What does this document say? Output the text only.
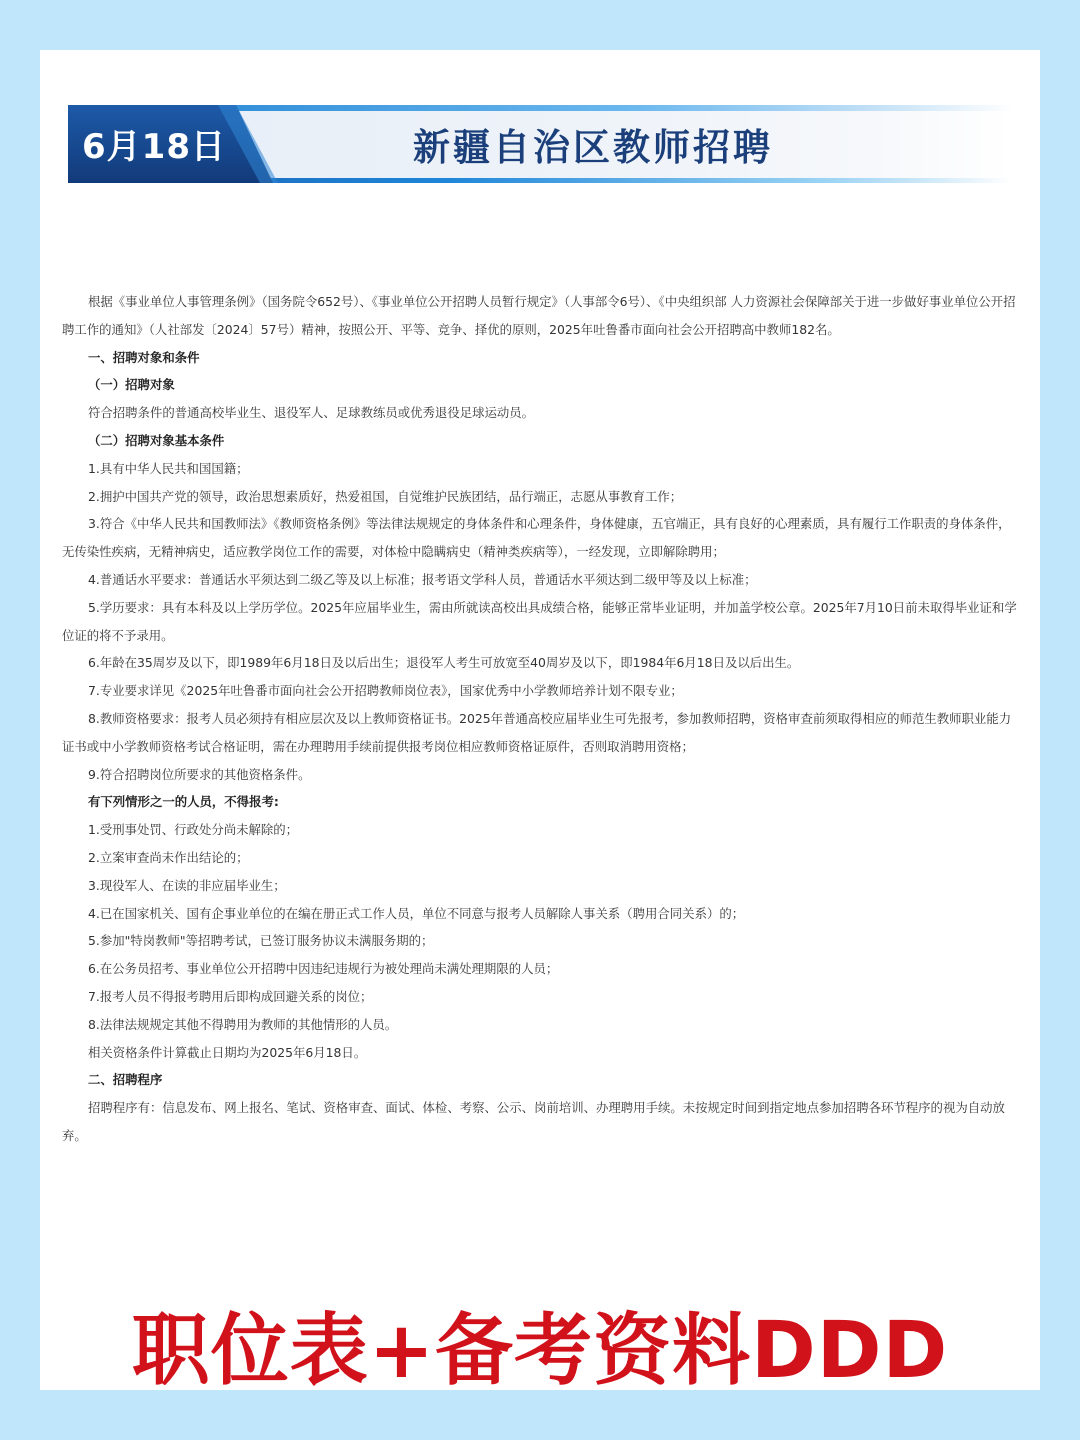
6月18日	新疆自治区教师招聘

根据《事业单位人事管理条例》（国务院令652号）、《事业单位公开招聘人员暂行规定》（人事部令6号）、《中央组织部 人力资源社会保障部关于进一步做好事业单位公开招聘工作的通知》（人社部发〔2024〕57号）精神，按照公开、平等、竞争、择优的原则，2025年吐鲁番市面向社会公开招聘高中教师182名。

一、招聘对象和条件

（一）招聘对象

符合招聘条件的普通高校毕业生、退役军人、足球教练员或优秀退役足球运动员。

（二）招聘对象基本条件

1.具有中华人民共和国国籍；

2.拥护中国共产党的领导，政治思想素质好，热爱祖国，自觉维护民族团结，品行端正，志愿从事教育工作；

3.符合《中华人民共和国教师法》《教师资格条例》等法律法规规定的身体条件和心理条件，身体健康，五官端正，具有良好的心理素质，具有履行工作职责的身体条件，无传染性疾病，无精神病史，适应教学岗位工作的需要，对体检中隐瞒病史（精神类疾病等），一经发现，立即解除聘用；

4.普通话水平要求：普通话水平须达到二级乙等及以上标准；报考语文学科人员，普通话水平须达到二级甲等及以上标准；

5.学历要求：具有本科及以上学历学位。2025年应届毕业生，需由所就读高校出具成绩合格，能够正常毕业证明，并加盖学校公章。2025年7月10日前未取得毕业证和学位证的将不予录用。

6.年龄在35周岁及以下，即1989年6月18日及以后出生；退役军人考生可放宽至40周岁及以下，即1984年6月18日及以后出生。

7.专业要求详见《2025年吐鲁番市面向社会公开招聘教师岗位表》，国家优秀中小学教师培养计划不限专业；

8.教师资格要求：报考人员必须持有相应层次及以上教师资格证书。2025年普通高校应届毕业生可先报考，参加教师招聘，资格审查前须取得相应的师范生教师职业能力证书或中小学教师资格考试合格证明，需在办理聘用手续前提供报考岗位相应教师资格证原件，否则取消聘用资格；

9.符合招聘岗位所要求的其他资格条件。

有下列情形之一的人员，不得报考:

1.受刑事处罚、行政处分尚未解除的；

2.立案审查尚未作出结论的；

3.现役军人、在读的非应届毕业生；

4.已在国家机关、国有企事业单位的在编在册正式工作人员，单位不同意与报考人员解除人事关系（聘用合同关系）的；

5.参加"特岗教师"等招聘考试，已签订服务协议未满服务期的；

6.在公务员招考、事业单位公开招聘中因违纪违规行为被处理尚未满处理期限的人员；

7.报考人员不得报考聘用后即构成回避关系的岗位；

8.法律法规规定其他不得聘用为教师的其他情形的人员。

相关资格条件计算截止日期均为2025年6月18日。

二、招聘程序

招聘程序有：信息发布、网上报名、笔试、资格审查、面试、体检、考察、公示、岗前培训、办理聘用手续。未按规定时间到指定地点参加招聘各环节程序的视为自动放弃。

职位表+备考资料DDD
